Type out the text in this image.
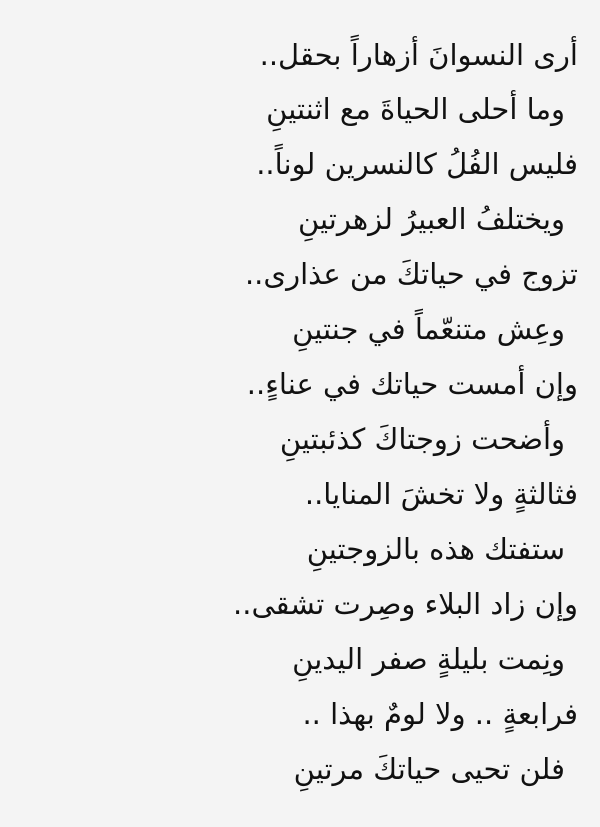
أرى النسوانَ أزهاراً بحقل..
وما أحلى الحياةَ مع اثنتينِ
فليس الفُلُ كالنسرين لوناً..
ويختلفُ العبيرُ لزهرتينِ
تزوج في حياتكَ من عذارى..
وعِش متنعّماً في جنتينِ
وإن أمست حياتك في عناءٍ..
وأضحت زوجتاكَ كذئبتينِ
فثالثةٍ ولا تخشَ المنايا..
ستفتك هذه بالزوجتينِ
وإن زاد البلاء وصِرت تشقى..
ونِمت بليلةٍ صفر اليدينِ
فرابعةٍ .. ولا لومٌ بهذا ..
فلن تحيى حياتكَ مرتينِ
